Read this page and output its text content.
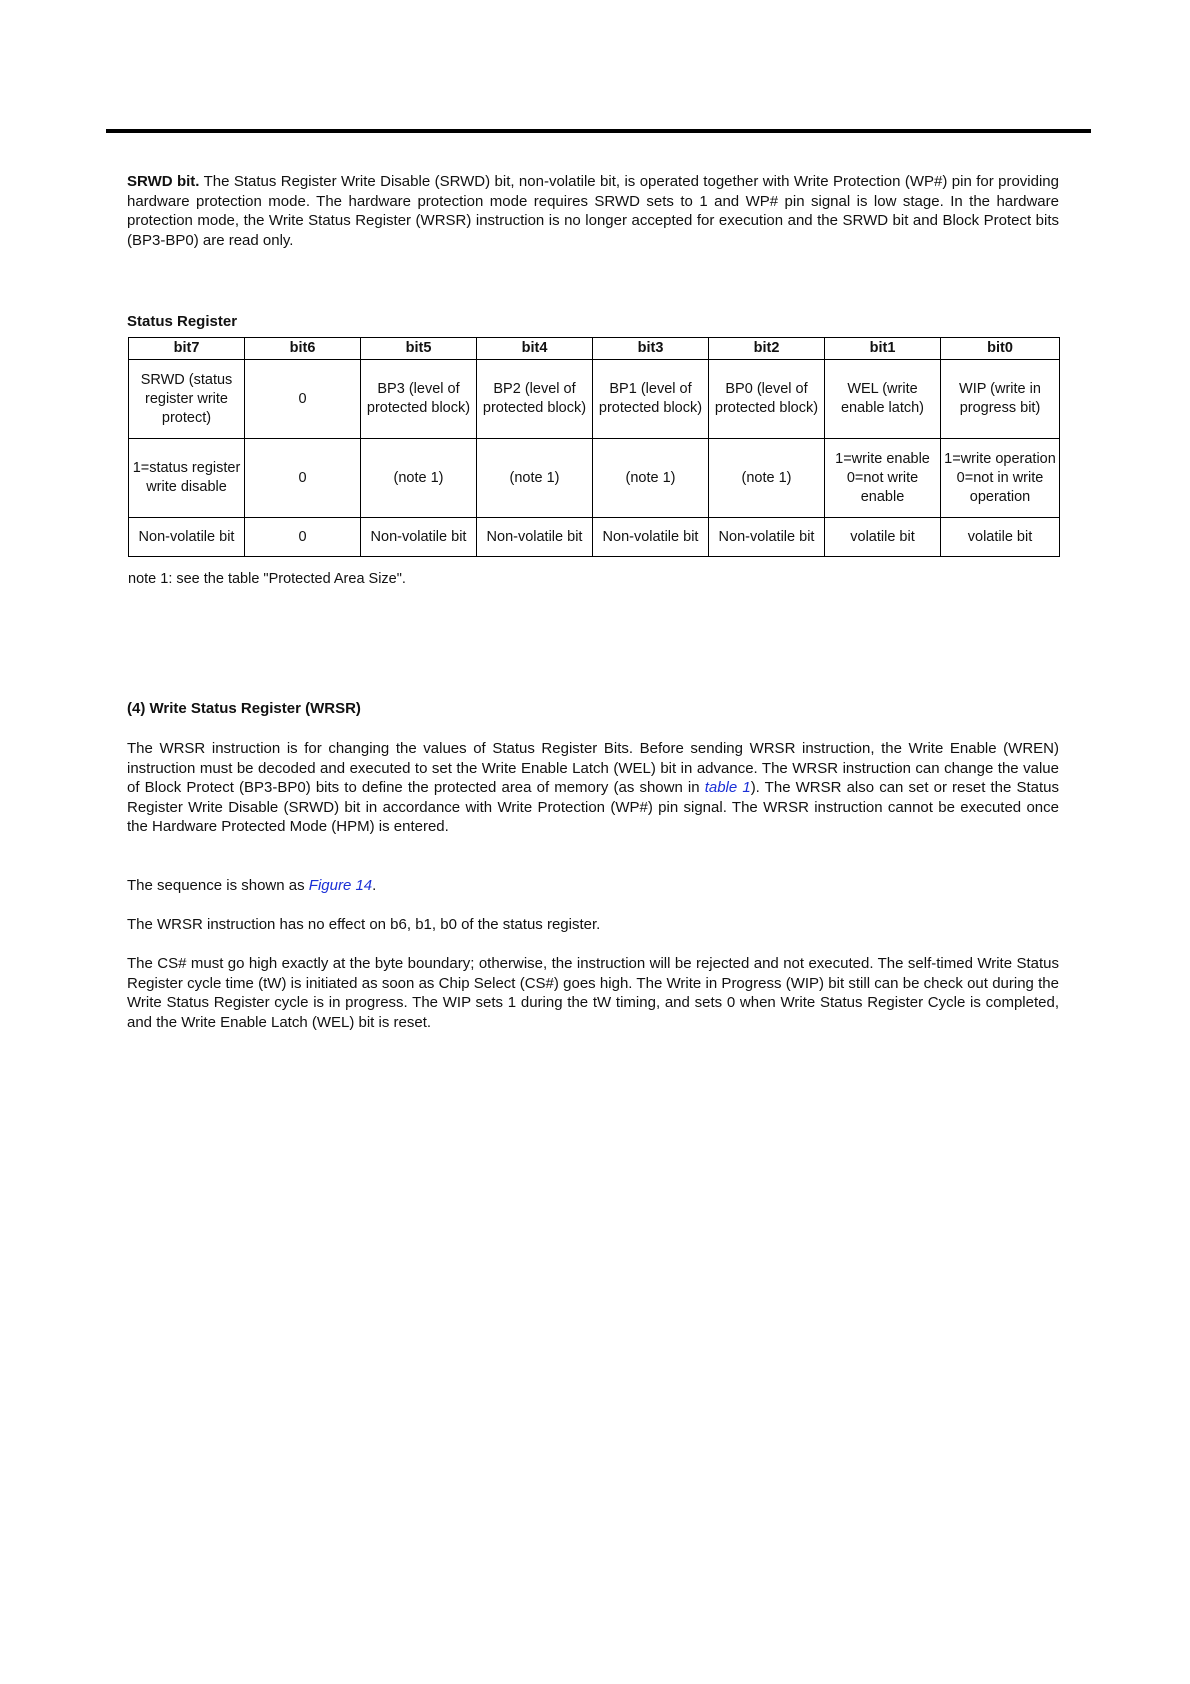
SRWD bit. The Status Register Write Disable (SRWD) bit, non-volatile bit, is operated together with Write Protection (WP#) pin for providing hardware protection mode. The hardware protection mode requires SRWD sets to 1 and WP# pin signal is low stage. In the hardware protection mode, the Write Status Register (WRSR) instruction is no longer accepted for execution and the SRWD bit and Block Protect bits (BP3-BP0) are read only.

Status Register

bit7	bit6	bit5	bit4	bit3	bit2	bit1	bit0
SRWD (status register write protect)	0	BP3 (level of protected block)	BP2 (level of protected block)	BP1 (level of protected block)	BP0 (level of protected block)	WEL (write enable latch)	WIP (write in progress bit)
1=status register write disable	0	(note 1)	(note 1)	(note 1)	(note 1)	1=write enable 0=not write enable	1=write operation 0=not in write operation
Non-volatile bit	0	Non-volatile bit	Non-volatile bit	Non-volatile bit	Non-volatile bit	volatile bit	volatile bit

note 1: see the table "Protected Area Size".

(4) Write Status Register (WRSR)

The WRSR instruction is for changing the values of Status Register Bits. Before sending WRSR instruction, the Write Enable (WREN) instruction must be decoded and executed to set the Write Enable Latch (WEL) bit in advance. The WRSR instruction can change the value of Block Protect (BP3-BP0) bits to define the protected area of memory (as shown in table 1). The WRSR also can set or reset the Status Register Write Disable (SRWD) bit in accordance with Write Protection (WP#) pin signal. The WRSR instruction cannot be executed once the Hardware Protected Mode (HPM) is entered.

The sequence is shown as Figure 14.

The WRSR instruction has no effect on b6, b1, b0 of the status register.

The CS# must go high exactly at the byte boundary; otherwise, the instruction will be rejected and not executed. The self-timed Write Status Register cycle time (tW) is initiated as soon as Chip Select (CS#) goes high. The Write in Progress (WIP) bit still can be check out during the Write Status Register cycle is in progress. The WIP sets 1 during the tW timing, and sets 0 when Write Status Register Cycle is completed, and the Write Enable Latch (WEL) bit is reset.
